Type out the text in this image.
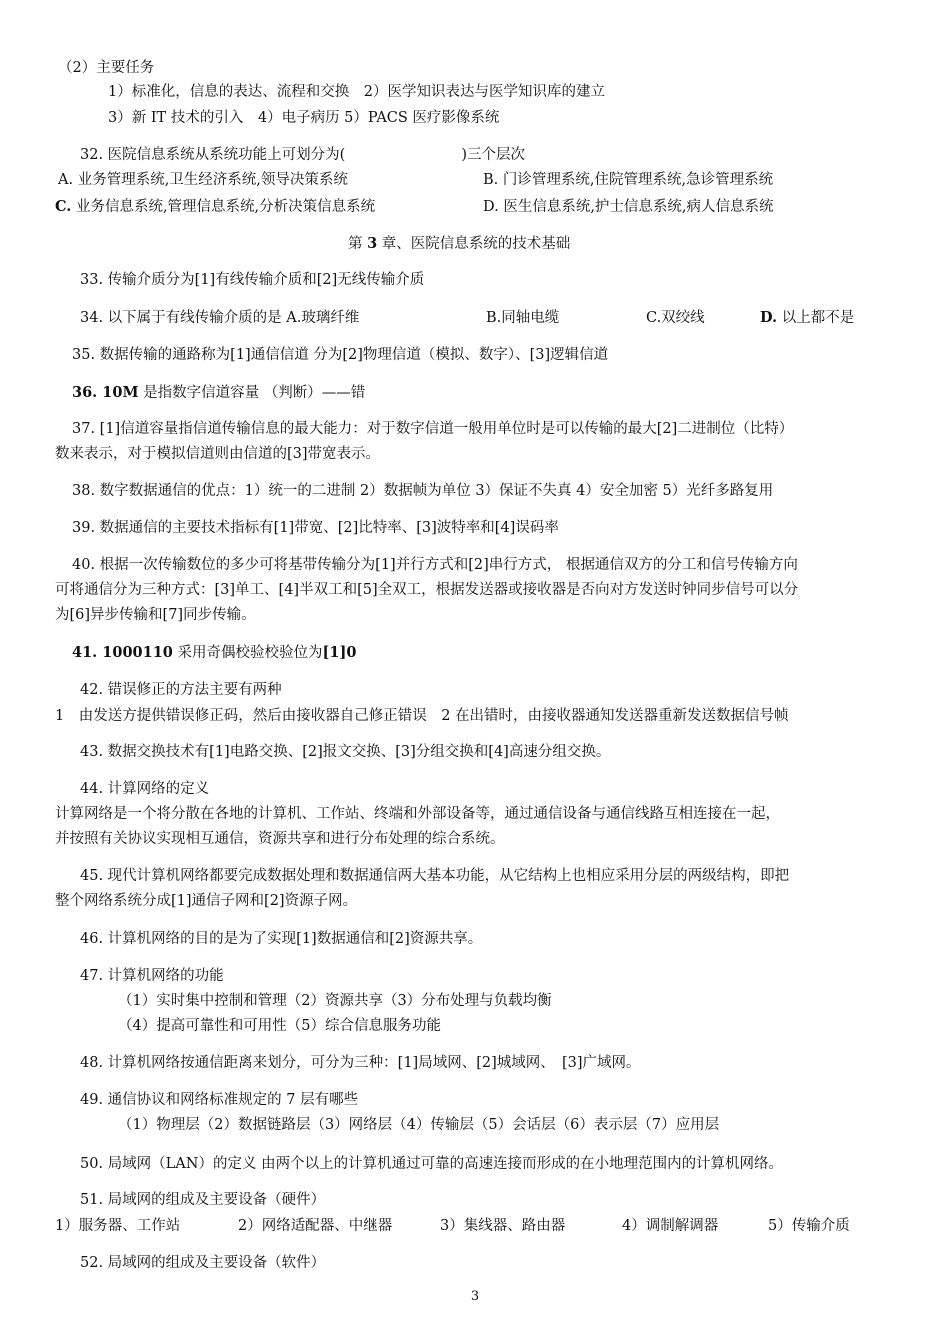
（2）主要任务
1）标准化，信息的表达、流程和交换　2）医学知识表达与医学知识库的建立
3）新 IT 技术的引入　4）电子病历 5）PACS 医疗影像系统
32. 医院信息系统从系统功能上可划分为(　　　　　　　　)三个层次
A. 业务管理系统,卫生经济系统,领导决策系统	B. 门诊管理系统,住院管理系统,急诊管理系统
C. 业务信息系统,管理信息系统,分析决策信息系统	D. 医生信息系统,护士信息系统,病人信息系统
第 3 章、医院信息系统的技术基础
33. 传输介质分为[1]有线传输介质和[2]无线传输介质
34. 以下属于有线传输介质的是 A.玻璃纤维	B.同轴电缆	C.双绞线	D. 以上都不是
35. 数据传输的通路称为[1]通信信道 分为[2]物理信道（模拟、数字）、[3]逻辑信道
36. 10M 是指数字信道容量 （判断）——错
37. [1]信道容量指信道传输信息的最大能力：对于数字信道一般用单位时是可以传输的最大[2]二进制位（比特）
数来表示，对于模拟信道则由信道的[3]带宽表示。
38. 数字数据通信的优点：1）统一的二进制 2）数据帧为单位 3）保证不失真 4）安全加密 5）光纤多路复用
39. 数据通信的主要技术指标有[1]带宽、[2]比特率、[3]波特率和[4]误码率
40. 根据一次传输数位的多少可将基带传输分为[1]并行方式和[2]串行方式， 根据通信双方的分工和信号传输方向
可将通信分为三种方式：[3]单工、[4]半双工和[5]全双工，根据发送器或接收器是否向对方发送时钟同步信号可以分
为[6]异步传输和[7]同步传输。
41. 1000110 采用奇偶校验校验位为[1]0
42. 错误修正的方法主要有两种
1　由发送方提供错误修正码，然后由接收器自己修正错误　2 在出错时，由接收器通知发送器重新发送数据信号帧
43. 数据交换技术有[1]电路交换、[2]报文交换、[3]分组交换和[4]高速分组交换。
44. 计算网络的定义
计算网络是一个将分散在各地的计算机、工作站、终端和外部设备等，通过通信设备与通信线路互相连接在一起，
并按照有关协议实现相互通信，资源共享和进行分布处理的综合系统。
45. 现代计算机网络都要完成数据处理和数据通信两大基本功能，从它结构上也相应采用分层的两级结构，即把
整个网络系统分成[1]通信子网和[2]资源子网。
46. 计算机网络的目的是为了实现[1]数据通信和[2]资源共享。
47. 计算机网络的功能
（1）实时集中控制和管理（2）资源共享（3）分布处理与负载均衡
（4）提高可靠性和可用性（5）综合信息服务功能
48. 计算机网络按通信距离来划分，可分为三种：[1]局域网、[2]城域网、　[3]广域网。
49. 通信协议和网络标准规定的 7 层有哪些
（1）物理层（2）数据链路层（3）网络层（4）传输层（5）会话层（6）表示层（7）应用层
50. 局域网（LAN）的定义 由两个以上的计算机通过可靠的高速连接而形成的在小地理范围内的计算机网络。
51. 局域网的组成及主要设备（硬件）
1）服务器、工作站	2）网络适配器、中继器	3）集线器、路由器	4）调制解调器	5）传输介质
52. 局域网的组成及主要设备（软件）
3
